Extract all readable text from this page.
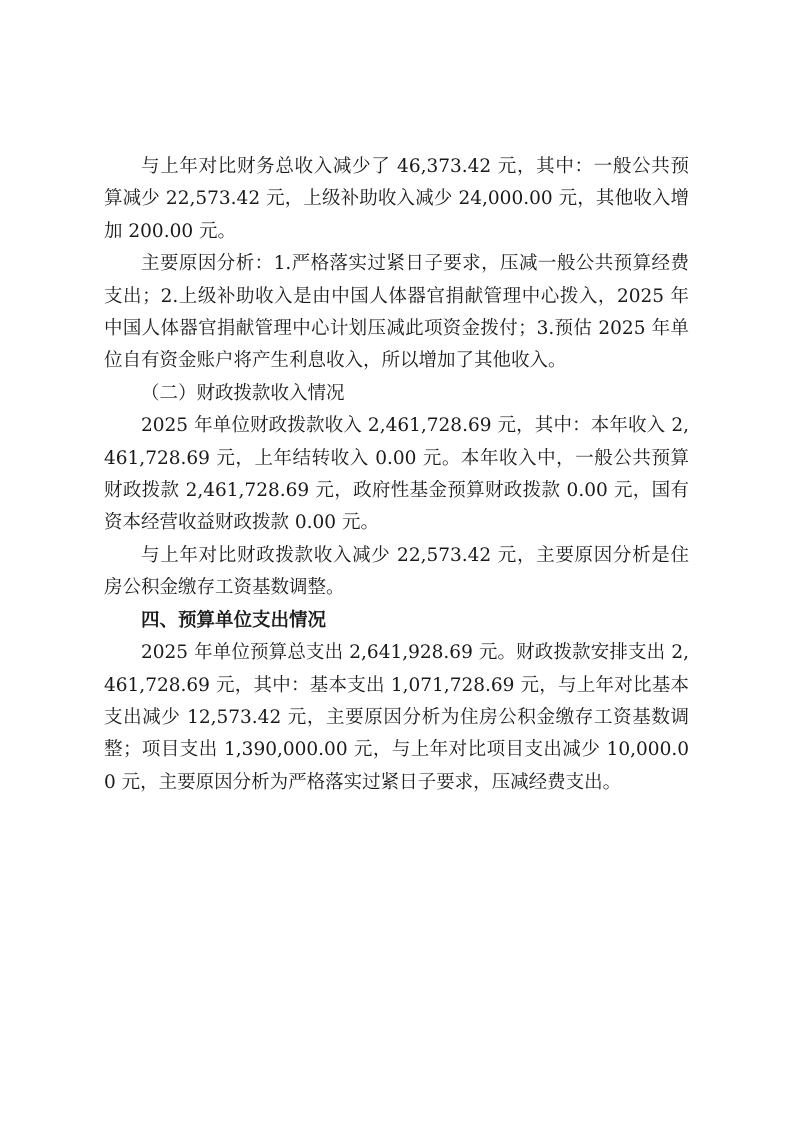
与上年对比财务总收入减少了 46,373.42 元，其中：一般公共预算减少 22,573.42 元，上级补助收入减少 24,000.00 元，其他收入增加 200.00 元。

主要原因分析：1.严格落实过紧日子要求，压减一般公共预算经费支出；2.上级补助收入是由中国人体器官捐献管理中心拨入，2025 年中国人体器官捐献管理中心计划压减此项资金拨付；3.预估 2025 年单位自有资金账户将产生利息收入，所以增加了其他收入。

（二）财政拨款收入情况

2025 年单位财政拨款收入 2,461,728.69 元，其中：本年收入 2,461,728.69 元，上年结转收入 0.00 元。本年收入中，一般公共预算财政拨款 2,461,728.69 元，政府性基金预算财政拨款 0.00 元，国有资本经营收益财政拨款 0.00 元。

与上年对比财政拨款收入减少 22,573.42 元，主要原因分析是住房公积金缴存工资基数调整。

四、预算单位支出情况

2025 年单位预算总支出 2,641,928.69 元。财政拨款安排支出 2,461,728.69 元，其中：基本支出 1,071,728.69 元，与上年对比基本支出减少 12,573.42 元，主要原因分析为住房公积金缴存工资基数调整；项目支出 1,390,000.00 元，与上年对比项目支出减少 10,000.00 元，主要原因分析为严格落实过紧日子要求，压减经费支出。
